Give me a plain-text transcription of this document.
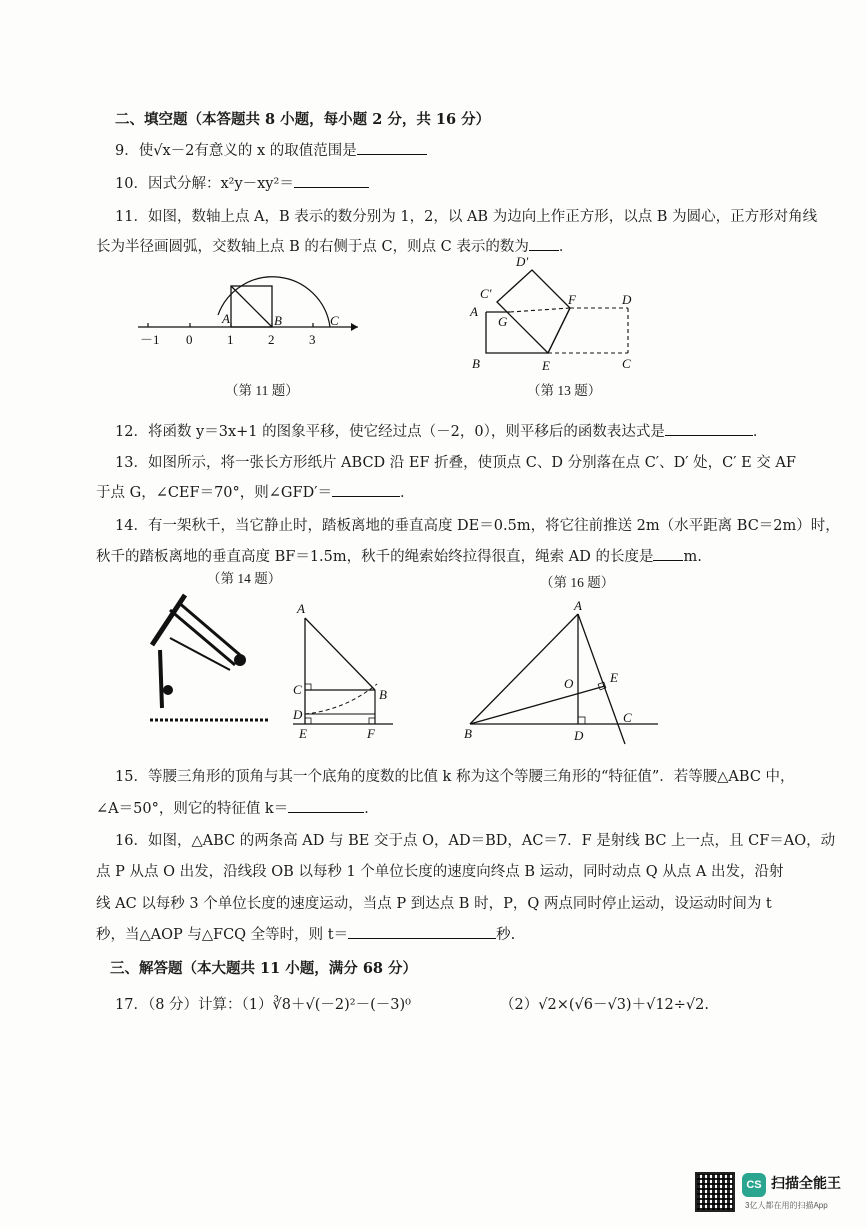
二、填空题（本答题共 8 小题，每小题 2 分，共 16 分）
9．使√x－2有意义的 x 的取值范围是
10．因式分解：x²y－xy²＝
11．如图，数轴上点 A，B 表示的数分别为 1，2，以 AB 为边向上作正方形，以点 B 为圆心，正方形对角线
长为半径画圆弧，交数轴上点 B 的右侧于点 C，则点 C 表示的数为 ．
A	B	C
－1 0	1	2	3
（第 11 题）
D′
C′	F	D
A
G
B	E	C
（第 13 题）
12．将函数 y＝3x+1 的图象平移，使它经过点（－2，0），则平移后的函数表达式是	．
13．如图所示，将一张长方形纸片 ABCD 沿 EF 折叠，使顶点 C、D 分别落在点 C′、D′ 处，C′ E 交 AF
于点 G，∠CEF＝70°，则∠GFD′＝	．
14．有一架秋千，当它静止时，踏板离地的垂直高度 DE＝0.5m，将它往前推送 2m（水平距离 BC＝2m）时，
秋千的踏板离地的垂直高度 BF＝1.5m，秋千的绳索始终拉得很直，绳索 AD 的长度是 m.
（第 14 题）	（第 16 题）
A
C	B
D
E	F
A
O	E
B	D
C
15．等腰三角形的顶角与其一个底角的度数的比值 k 称为这个等腰三角形的“特征值”．若等腰△ABC 中，
∠A＝50°，则它的特征值 k＝	．
16．如图，△ABC 的两条高 AD 与 BE 交于点 O，AD＝BD，AC＝7．F 是射线 BC 上一点，且 CF＝AO，动
点 P 从点 O 出发，沿线段 OB 以每秒 1 个单位长度的速度向终点 B 运动，同时动点 Q 从点 A 出发，沿射
线 AC 以每秒 3 个单位长度的速度运动，当点 P 到达点 B 时，P，Q 两点同时停止运动，设运动时间为 t
秒，当△AOP 与△FCQ 全等时，则 t＝	秒.
三、解答题（本大题共 11 小题，满分 68 分）
17．（8 分）计算：（1）∛8＋√(－2)²－(－3)⁰	（2）√2×(√6－√3)＋√12÷√2.
CS 扫描全能王
3亿人都在用的扫描App
